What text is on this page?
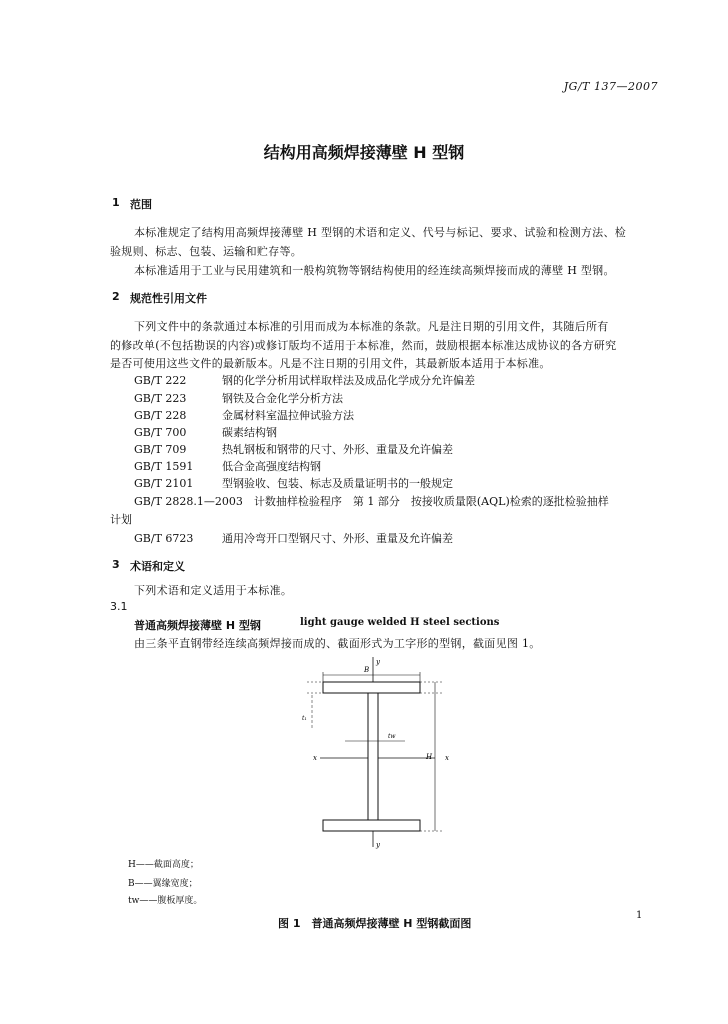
JG/T 137—2007
结构用高频焊接薄壁 H 型钢
1 范围
本标准规定了结构用高频焊接薄壁 H 型钢的术语和定义、代号与标记、要求、试验和检测方法、检
验规则、标志、包装、运输和贮存等。
本标准适用于工业与民用建筑和一般构筑物等钢结构使用的经连续高频焊接而成的薄壁 H 型钢。
2 规范性引用文件
下列文件中的条款通过本标准的引用而成为本标准的条款。凡是注日期的引用文件，其随后所有
的修改单(不包括勘误的内容)或修订版均不适用于本标准，然而，鼓励根据本标准达成协议的各方研究
是否可使用这些文件的最新版本。凡是不注日期的引用文件，其最新版本适用于本标准。
GB/T 222	钢的化学分析用试样取样法及成品化学成分允许偏差
GB/T 223	钢铁及合金化学分析方法
GB/T 228	金属材料室温拉伸试验方法
GB/T 700	碳素结构钢
GB/T 709	热轧钢板和钢带的尺寸、外形、重量及允许偏差
GB/T 1591	低合金高强度结构钢
GB/T 2101	型钢验收、包装、标志及质量证明书的一般规定
GB/T 2828.1—2003　计数抽样检验程序　第 1 部分　按接收质量限(AQL)检索的逐批检验抽样
计划
GB/T 6723	通用冷弯开口型钢尺寸、外形、重量及允许偏差
3 术语和定义
下列术语和定义适用于本标准。
3.1
普通高频焊接薄壁 H 型钢	light gauge welded H steel sections
由三条平直钢带经连续高频焊接而成的、截面形式为工字形的型钢，截面见图 1。
y
y
x	x
B
H
t₁
tw
H——截面高度；
B——翼缘宽度；
tw——腹板厚度。
图 1　普通高频焊接薄壁 H 型钢截面图
1
